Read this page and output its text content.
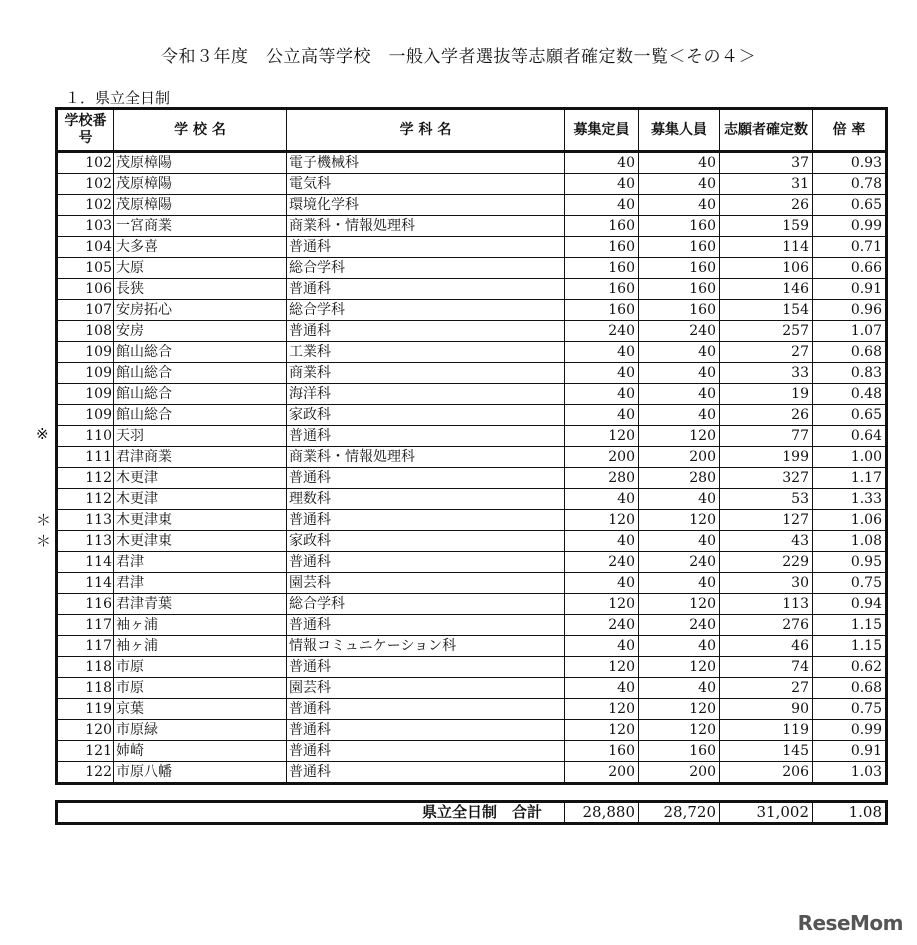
令和３年度　公立高等学校　一般入学者選抜等志願者確定数一覧＜その４＞
１．県立全日制
学校番号	学 校 名	学 科 名	募集定員	募集人員	志願者確定数	倍 率
102	茂原樟陽	電子機械科	40	40	37	0.93
102	茂原樟陽	電気科	40	40	31	0.78
102	茂原樟陽	環境化学科	40	40	26	0.65
103	一宮商業	商業科・情報処理科	160	160	159	0.99
104	大多喜	普通科	160	160	114	0.71
105	大原	総合学科	160	160	106	0.66
106	長狭	普通科	160	160	146	0.91
107	安房拓心	総合学科	160	160	154	0.96
108	安房	普通科	240	240	257	1.07
109	館山総合	工業科	40	40	27	0.68
109	館山総合	商業科	40	40	33	0.83
109	館山総合	海洋科	40	40	19	0.48
109	館山総合	家政科	40	40	26	0.65
110	天羽	普通科	120	120	77	0.64
111	君津商業	商業科・情報処理科	200	200	199	1.00
112	木更津	普通科	280	280	327	1.17
112	木更津	理数科	40	40	53	1.33
113	木更津東	普通科	120	120	127	1.06
113	木更津東	家政科	40	40	43	1.08
114	君津	普通科	240	240	229	0.95
114	君津	園芸科	40	40	30	0.75
116	君津青葉	総合学科	120	120	113	0.94
117	袖ヶ浦	普通科	240	240	276	1.15
117	袖ヶ浦	情報コミュニケーション科	40	40	46	1.15
118	市原	普通科	120	120	74	0.62
118	市原	園芸科	40	40	27	0.68
119	京葉	普通科	120	120	90	0.75
120	市原緑	普通科	120	120	119	0.99
121	姉崎	普通科	160	160	145	0.91
122	市原八幡	普通科	200	200	206	1.03
※
＊
＊
県立全日制　合計	28,880	28,720	31,002	1.08
ReseMom
